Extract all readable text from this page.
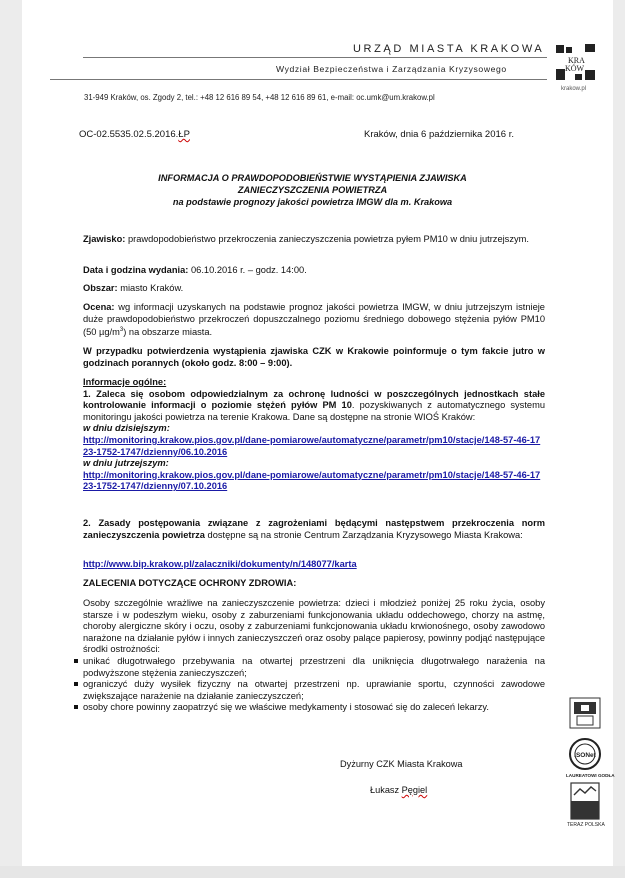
URZĄD MIASTA KRAKOWA
Wydział Bezpieczeństwa i Zarządzania Kryzysowego
31-949 Kraków, os. Zgody 2, tel.: +48 12 616 89 54, +48 12 616 89 61, e-mail: oc.umk@um.krakow.pl
KRA
KÓW
krakow.pl
OC-02.5535.02.5.2016.ŁP	Kraków, dnia 6 października 2016 r.
INFORMACJA O PRAWDOPODOBIEŃSTWIE WYSTĄPIENIA ZJAWISKA
ZANIECZYSZCZENIA POWIETRZA
na podstawie prognozy jakości powietrza IMGW dla m. Krakowa
Zjawisko: prawdopodobieństwo przekroczenia zanieczyszczenia powietrza pyłem PM10 w dniu jutrzejszym.
Data i godzina wydania: 06.10.2016 r. – godz. 14:00.
Obszar: miasto Kraków.
Ocena: wg informacji uzyskanych na podstawie prognoz jakości powietrza IMGW, w dniu jutrzejszym istnieje duże prawdopodobieństwo przekroczeń dopuszczalnego poziomu średniego dobowego stężenia pyłów PM10 (50 $\mu g/m^3$) na obszarze miasta.
W przypadku potwierdzenia wystąpienia zjawiska CZK w Krakowie poinformuje o tym fakcie jutro w godzinach porannych (około godz. 8:00 – 9:00).
Informacje ogólne:
1. Zaleca się osobom odpowiedzialnym za ochronę ludności w poszczególnych jednostkach stałe kontrolowanie informacji o poziomie stężeń pyłów PM 10. pozyskiwanych z automatycznego systemu monitoringu jakości powietrza na terenie Krakowa. Dane są dostępne na stronie WIOŚ Kraków:
w dniu dzisiejszym:
http://monitoring.krakow.pios.gov.pl/dane-pomiarowe/automatyczne/parametr/pm10/stacje/148-57-46-1723-1752-1747/dzienny/06.10.2016
w dniu jutrzejszym:
http://monitoring.krakow.pios.gov.pl/dane-pomiarowe/automatyczne/parametr/pm10/stacje/148-57-46-1723-1752-1747/dzienny/07.10.2016
2. Zasady postępowania związane z zagrożeniami będącymi następstwem przekroczenia norm zanieczyszczenia powietrza dostępne są na stronie Centrum Zarządzania Kryzysowego Miasta Krakowa:
http://www.bip.krakow.pl/zalaczniki/dokumenty/n/148077/karta
ZALECENIA DOTYCZĄCE OCHRONY ZDROWIA:
Osoby szczególnie wrażliwe na zanieczyszczenie powietrza: dzieci i młodzież poniżej 25 roku życia, osoby starsze i w podeszłym wieku, osoby z zaburzeniami funkcjonowania układu oddechowego, chorzy na astmę, choroby alergiczne skóry i oczu, osoby z zaburzeniami funkcjonowania układu krwionośnego, osoby zawodowo narażone na działanie pyłów i innych zanieczyszczeń oraz osoby palące papierosy, powinny podjąć następujące środki ostrożności:
unikać długotrwałego przebywania na otwartej przestrzeni dla uniknięcia długotrwałego narażenia na podwyższone stężenia zanieczyszczeń;
ograniczyć duży wysiłek fizyczny na otwartej przestrzeni np. uprawianie sportu, czynności zawodowe zwiększające narażenie na działanie zanieczyszczeń;
osoby chore powinny zaopatrzyć się we właściwe medykamenty i stosować się do zaleceń lekarzy.
Dyżurny CZK Miasta Krakowa
Łukasz Pęgiel
ISONet
LAUREATOWI GODŁA
TERAZ POLSKA
